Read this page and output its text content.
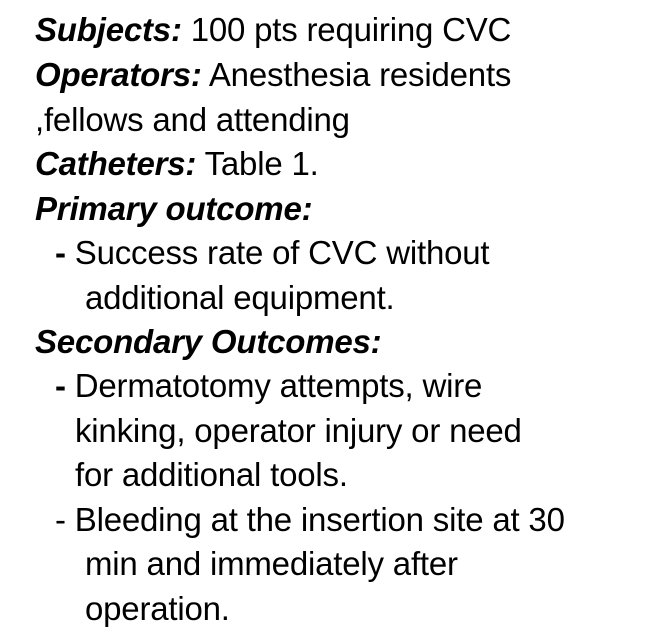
Subjects: 100 pts requiring CVC
Operators: Anesthesia residents
,fellows and attending
Catheters: Table 1.
Primary outcome:
- Success rate of CVC without
additional equipment.
Secondary Outcomes:
- Dermatotomy attempts, wire
kinking, operator injury or need
for additional tools.
- Bleeding at the insertion site at 30
min and immediately after
operation.
